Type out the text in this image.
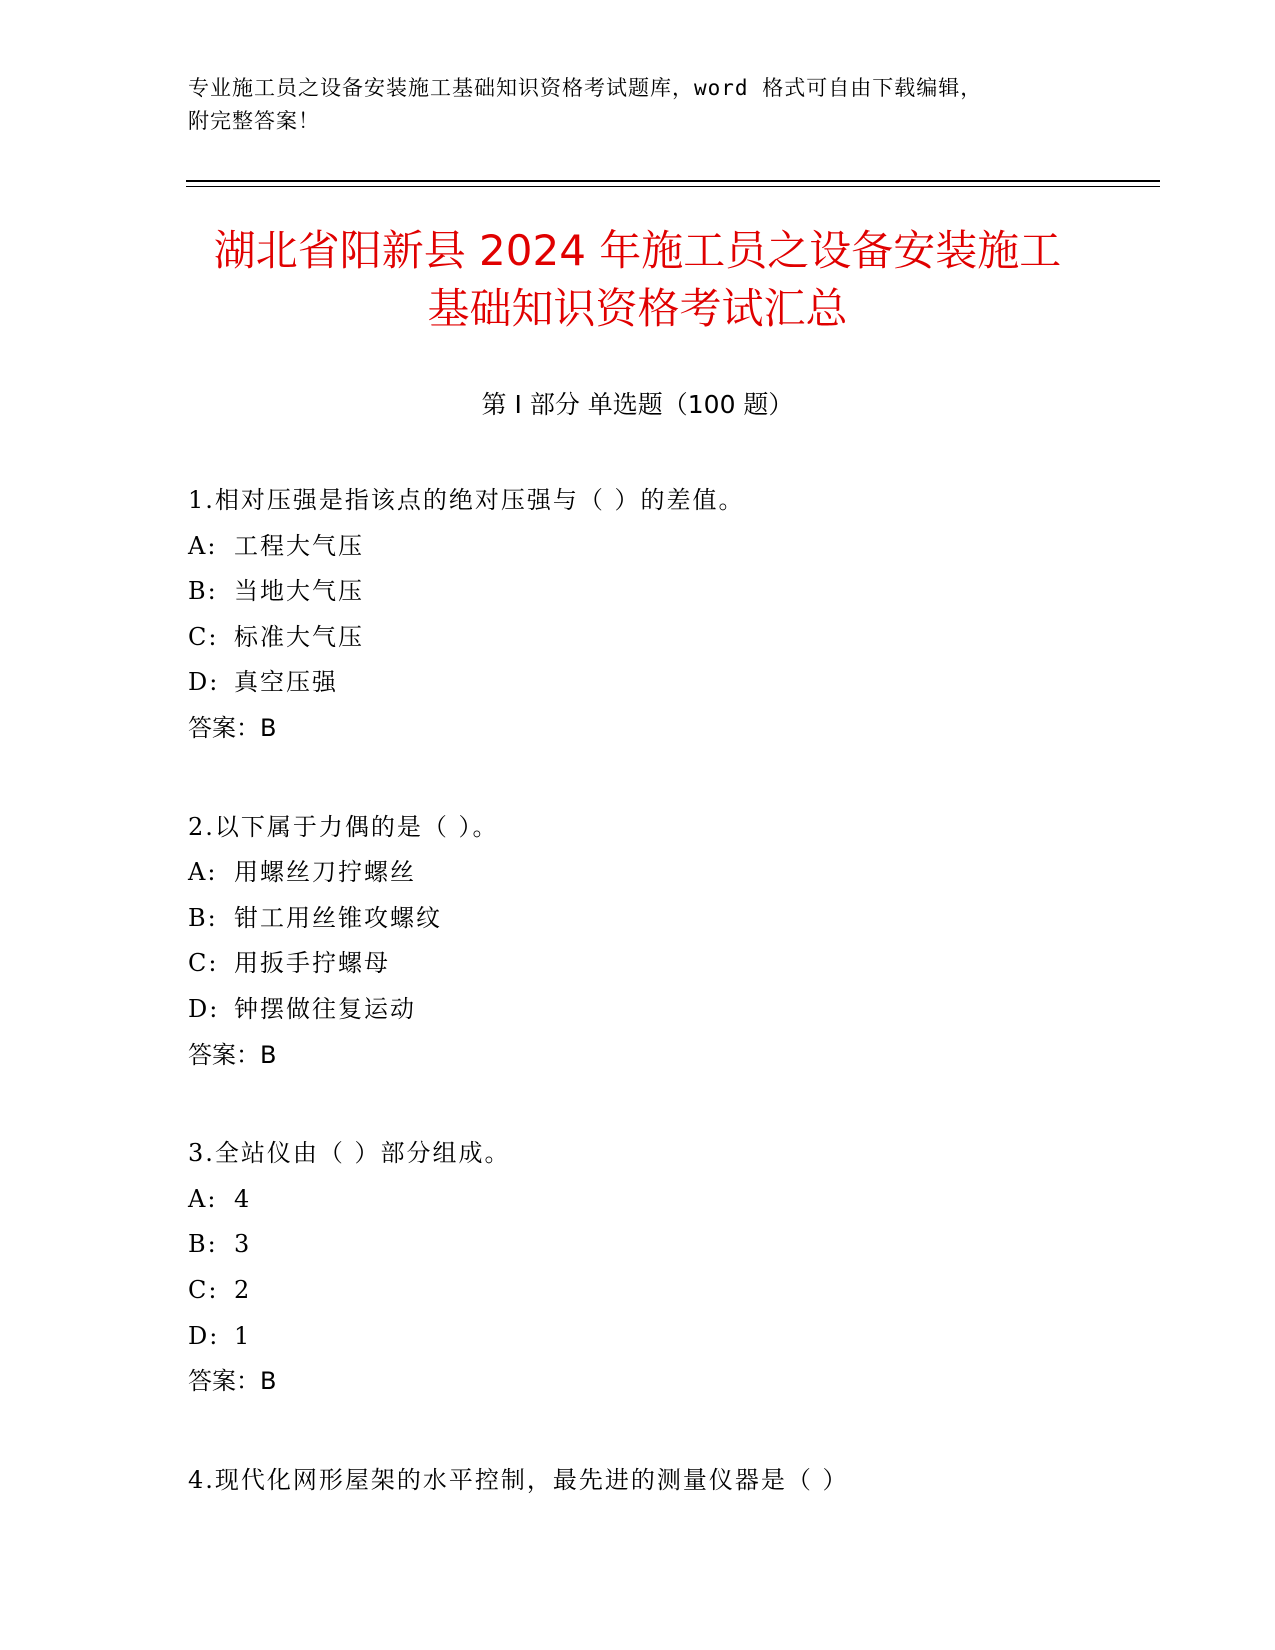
专业施工员之设备安装施工基础知识资格考试题库，word 格式可自由下载编辑，
附完整答案！
湖北省阳新县 2024 年施工员之设备安装施工
基础知识资格考试汇总
第 I 部分 单选题（100 题）
1.相对压强是指该点的绝对压强与（ ）的差值。
A: 工程大气压
B: 当地大气压
C: 标准大气压
D: 真空压强
答案：B
2.以下属于力偶的是（ ）。
A: 用螺丝刀拧螺丝
B: 钳工用丝锥攻螺纹
C: 用扳手拧螺母
D: 钟摆做往复运动
答案：B
3.全站仪由（ ）部分组成。
A: 4
B: 3
C: 2
D: 1
答案：B
4.现代化网形屋架的水平控制，最先进的测量仪器是（ ）
